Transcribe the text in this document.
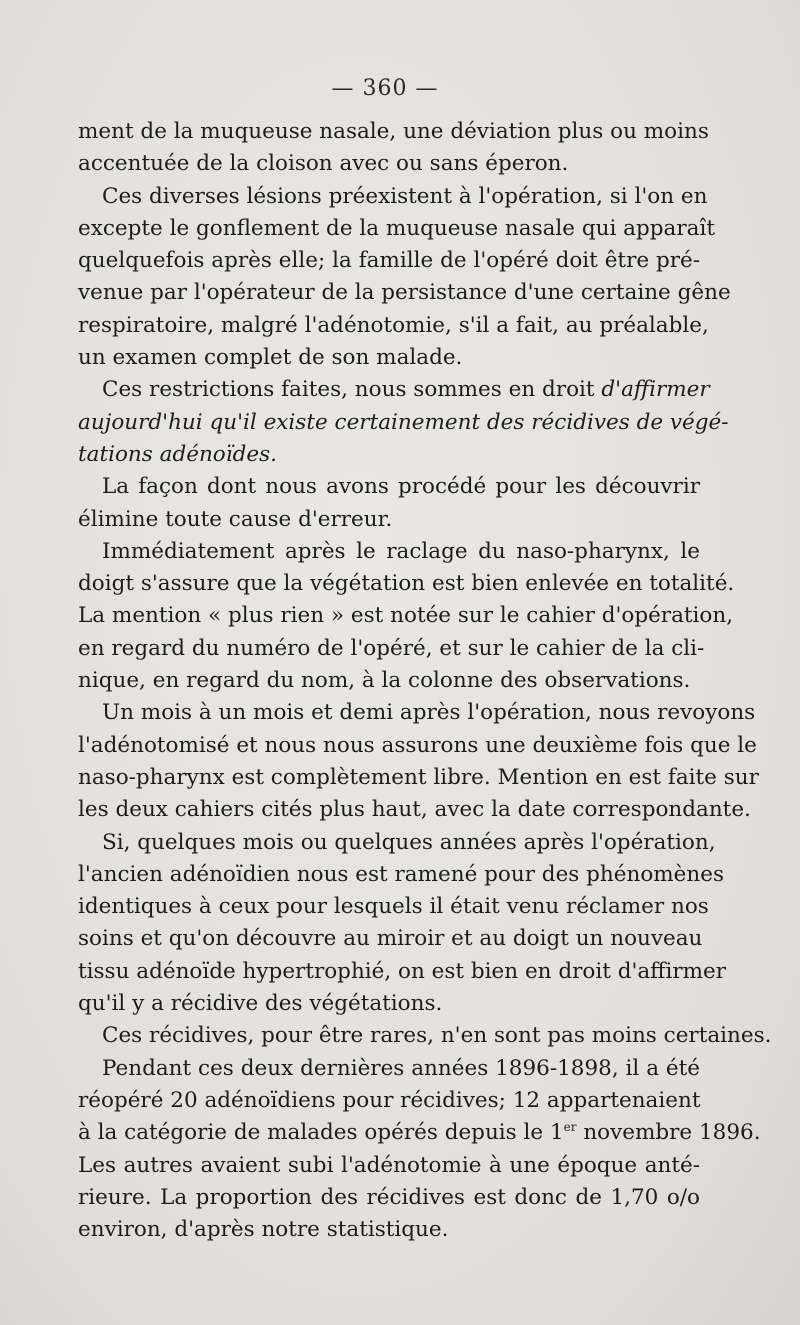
— 360 —
ment de la muqueuse nasale, une déviation plus ou moins
accentuée de la cloison avec ou sans éperon.
Ces diverses lésions préexistent à l'opération, si l'on en
excepte le gonflement de la muqueuse nasale qui apparaît
quelquefois après elle; la famille de l'opéré doit être pré-
venue par l'opérateur de la persistance d'une certaine gêne
respiratoire, malgré l'adénotomie, s'il a fait, au préalable,
un examen complet de son malade.
Ces restrictions faites, nous sommes en droit d'affirmer
aujourd'hui qu'il existe certainement des récidives de végé-
tations adénoïdes.
La façon dont nous avons procédé pour les découvrir
élimine toute cause d'erreur.
Immédiatement après le raclage du naso-pharynx, le
doigt s'assure que la végétation est bien enlevée en totalité.
La mention « plus rien » est notée sur le cahier d'opération,
en regard du numéro de l'opéré, et sur le cahier de la cli-
nique, en regard du nom, à la colonne des observations.
Un mois à un mois et demi après l'opération, nous revoyons
l'adénotomisé et nous nous assurons une deuxième fois que le
naso-pharynx est complètement libre. Mention en est faite sur
les deux cahiers cités plus haut, avec la date correspondante.
Si, quelques mois ou quelques années après l'opération,
l'ancien adénoïdien nous est ramené pour des phénomènes
identiques à ceux pour lesquels il était venu réclamer nos
soins et qu'on découvre au miroir et au doigt un nouveau
tissu adénoïde hypertrophié, on est bien en droit d'affirmer
qu'il y a récidive des végétations.
Ces récidives, pour être rares, n'en sont pas moins certaines.
Pendant ces deux dernières années 1896-1898, il a été
réopéré 20 adénoïdiens pour récidives; 12 appartenaient
à la catégorie de malades opérés depuis le 1er novembre 1896.
Les autres avaient subi l'adénotomie à une époque anté-
rieure. La proportion des récidives est donc de 1,70 o/o
environ, d'après notre statistique.
